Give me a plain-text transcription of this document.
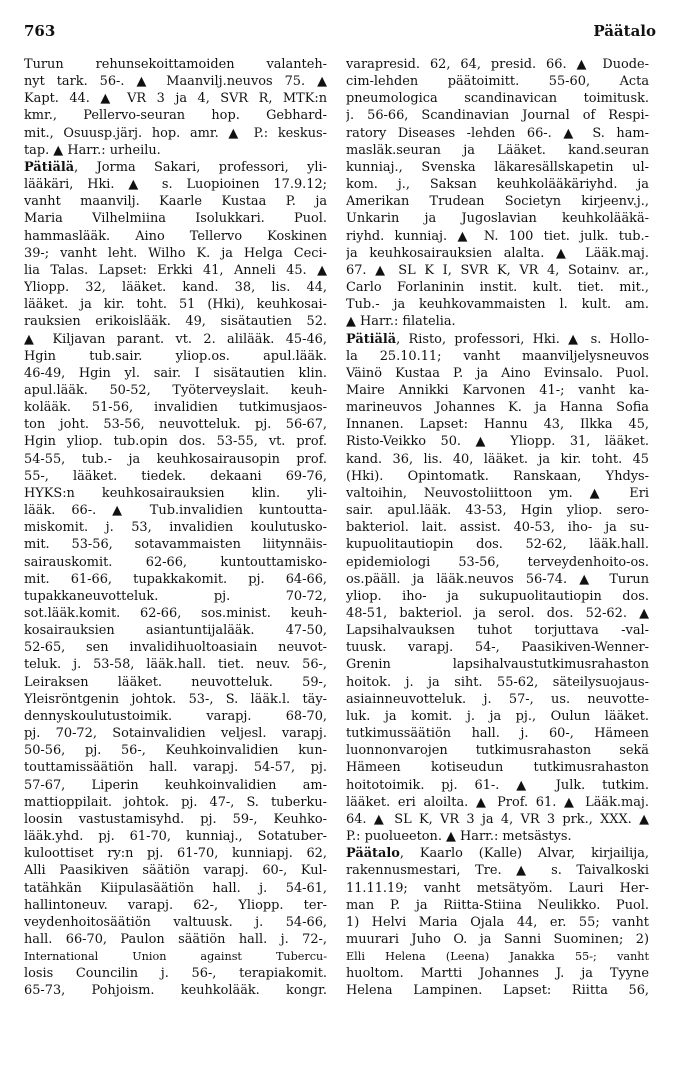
763	Päätalo
Turun rehunsekoittamoiden valanteh-
nyt tark. 56-. ▲ Maanvilj.neuvos 75. ▲
Kapt. 44. ▲ VR 3 ja 4, SVR R, MTK:n
kmr., Pellervo-seuran hop. Gebhard-
mit., Osuusp.järj. hop. amr. ▲ P.: keskus-
tap. ▲ Harr.: urheilu.
Pätiälä, Jorma Sakari, professori, yli-
lääkäri, Hki. ▲ s. Luopioinen 17.9.12;
vanht maanvilj. Kaarle Kustaa P. ja
Maria Vilhelmiina Isolukkari. Puol.
hammaslääk. Aino Tellervo Koskinen
39-; vanht leht. Wilho K. ja Helga Ceci-
lia Talas. Lapset: Erkki 41, Anneli 45. ▲
Yliopp. 32, lääket. kand. 38, lis. 44,
lääket. ja kir. toht. 51 (Hki), keuhkosai-
rauksien erikoislääk. 49, sisätautien 52.
▲ Kiljavan parant. vt. 2. alilääk. 45-46,
Hgin tub.sair. yliop.os. apul.lääk.
46-49, Hgin yl. sair. I sisätautien klin.
apul.lääk. 50-52, Työterveyslait. keuh-
kolääk. 51-56, invalidien tutkimusjaos-
ton joht. 53-56, neuvotteluk. pj. 56-67,
Hgin yliop. tub.opin dos. 53-55, vt. prof.
54-55, tub.- ja keuhkosairausopin prof.
55-, lääket. tiedek. dekaani 69-76,
HYKS:n keuhkosairauksien klin. yli-
lääk. 66-. ▲ Tub.invalidien kuntoutta-
miskomit. j. 53, invalidien koulutusko-
mit. 53-56, sotavammaisten liitynnäis-
sairauskomit. 62-66, kuntouttamisko-
mit. 61-66, tupakkakomit. pj. 64-66,
tupakkaneuvotteluk. pj. 70-72,
sot.lääk.komit. 62-66, sos.minist. keuh-
kosairauksien asiantuntijalääk. 47-50,
52-65, sen invalidihuoltoasiain neuvot-
teluk. j. 53-58, lääk.hall. tiet. neuv. 56-,
Leiraksen lääket. neuvotteluk. 59-,
Yleisröntgenin johtok. 53-, S. lääk.l. täy-
dennyskoulutustoimik. varapj. 68-70,
pj. 70-72, Sotainvalidien veljesl. varapj.
50-56, pj. 56-, Keuhkoinvalidien kun-
touttamissäätiön hall. varapj. 54-57, pj.
57-67, Liperin keuhkoinvalidien am-
mattioppilait. johtok. pj. 47-, S. tuberku-
loosin vastustamisyhd. pj. 59-, Keuhko-
lääk.yhd. pj. 61-70, kunniaj., Sotatuber-
kuloottiset ry:n pj. 61-70, kunniapj. 62,
Alli Paasikiven säätiön varapj. 60-, Kul-
tatähkän Kiipulasäätiön hall. j. 54-61,
hallintoneuv. varapj. 62-, Yliopp. ter-
veydenhoitosäätiön valtuusk. j. 54-66,
hall. 66-70, Paulon säätiön hall. j. 72-,
International Union against Tubercu-
losis Councilin j. 56-, terapiakomit.
65-73, Pohjoism. keuhkolääk. kongr.
varapresid. 62, 64, presid. 66. ▲ Duode-
cim-lehden päätoimitt. 55-60, Acta
pneumologica scandinavican toimitusk.
j. 56-66, Scandinavian Journal of Respi-
ratory Diseases -lehden 66-. ▲ S. ham-
masläk.seuran ja Lääket. kand.seuran
kunniaj., Svenska läkaresällskapetin ul-
kom. j., Saksan keuhkolääkäriyhd. ja
Amerikan Trudean Societyn kirjeenv.j.,
Unkarin ja Jugoslavian keuhkolääkä-
riyhd. kunniaj. ▲ N. 100 tiet. julk. tub.-
ja keuhkosairauksien alalta. ▲ Lääk.maj.
67. ▲ SL K I, SVR K, VR 4, Sotainv. ar.,
Carlo Forlaninin instit. kult. tiet. mit.,
Tub.- ja keuhkovammaisten l. kult. am.
▲ Harr.: filatelia.
Pätiälä, Risto, professori, Hki. ▲ s. Hollo-
la 25.10.11; vanht maanviljelysneuvos
Väinö Kustaa P. ja Aino Evinsalo. Puol.
Maire Annikki Karvonen 41-; vanht ka-
marineuvos Johannes K. ja Hanna Sofia
Innanen. Lapset: Hannu 43, Ilkka 45,
Risto-Veikko 50. ▲ Yliopp. 31, lääket.
kand. 36, lis. 40, lääket. ja kir. toht. 45
(Hki). Opintomatk. Ranskaan, Yhdys-
valtoihin, Neuvostoliittoon ym. ▲ Eri
sair. apul.lääk. 43-53, Hgin yliop. sero-
bakteriol. lait. assist. 40-53, iho- ja su-
kupuolitautiopin dos. 52-62, lääk.hall.
epidemiologi 53-56, terveydenhoito-os.
os.pääll. ja lääk.neuvos 56-74. ▲ Turun
yliop. iho- ja sukupuolitautiopin dos.
48-51, bakteriol. ja serol. dos. 52-62. ▲
Lapsihalvauksen tuhot torjuttava -val-
tuusk. varapj. 54-, Paasikiven-Wenner-
Grenin lapsihalvaustutkimusrahaston
hoitok. j. ja siht. 55-62, säteilysuojaus-
asiainneuvotteluk. j. 57-, us. neuvotte-
luk. ja komit. j. ja pj., Oulun lääket.
tutkimussäätiön hall. j. 60-, Hämeen
luonnonvarojen tutkimusrahaston sekä
Hämeen kotiseudun tutkimusrahaston
hoitotoimik. pj. 61-. ▲ Julk. tutkim.
lääket. eri aloilta. ▲ Prof. 61. ▲ Lääk.maj.
64. ▲ SL K, VR 3 ja 4, VR 3 prk., XXX. ▲
P.: puolueeton. ▲ Harr.: metsästys.
Päätalo, Kaarlo (Kalle) Alvar, kirjailija,
rakennusmestari, Tre. ▲ s. Taivalkoski
11.11.19; vanht metsätyöm. Lauri Her-
man P. ja Riitta-Stiina Neulikko. Puol.
1) Helvi Maria Ojala 44, er. 55; vanht
muurari Juho O. ja Sanni Suominen; 2)
Elli Helena (Leena) Janakka 55-; vanht
huoltom. Martti Johannes J. ja Tyyne
Helena Lampinen. Lapset: Riitta 56,
